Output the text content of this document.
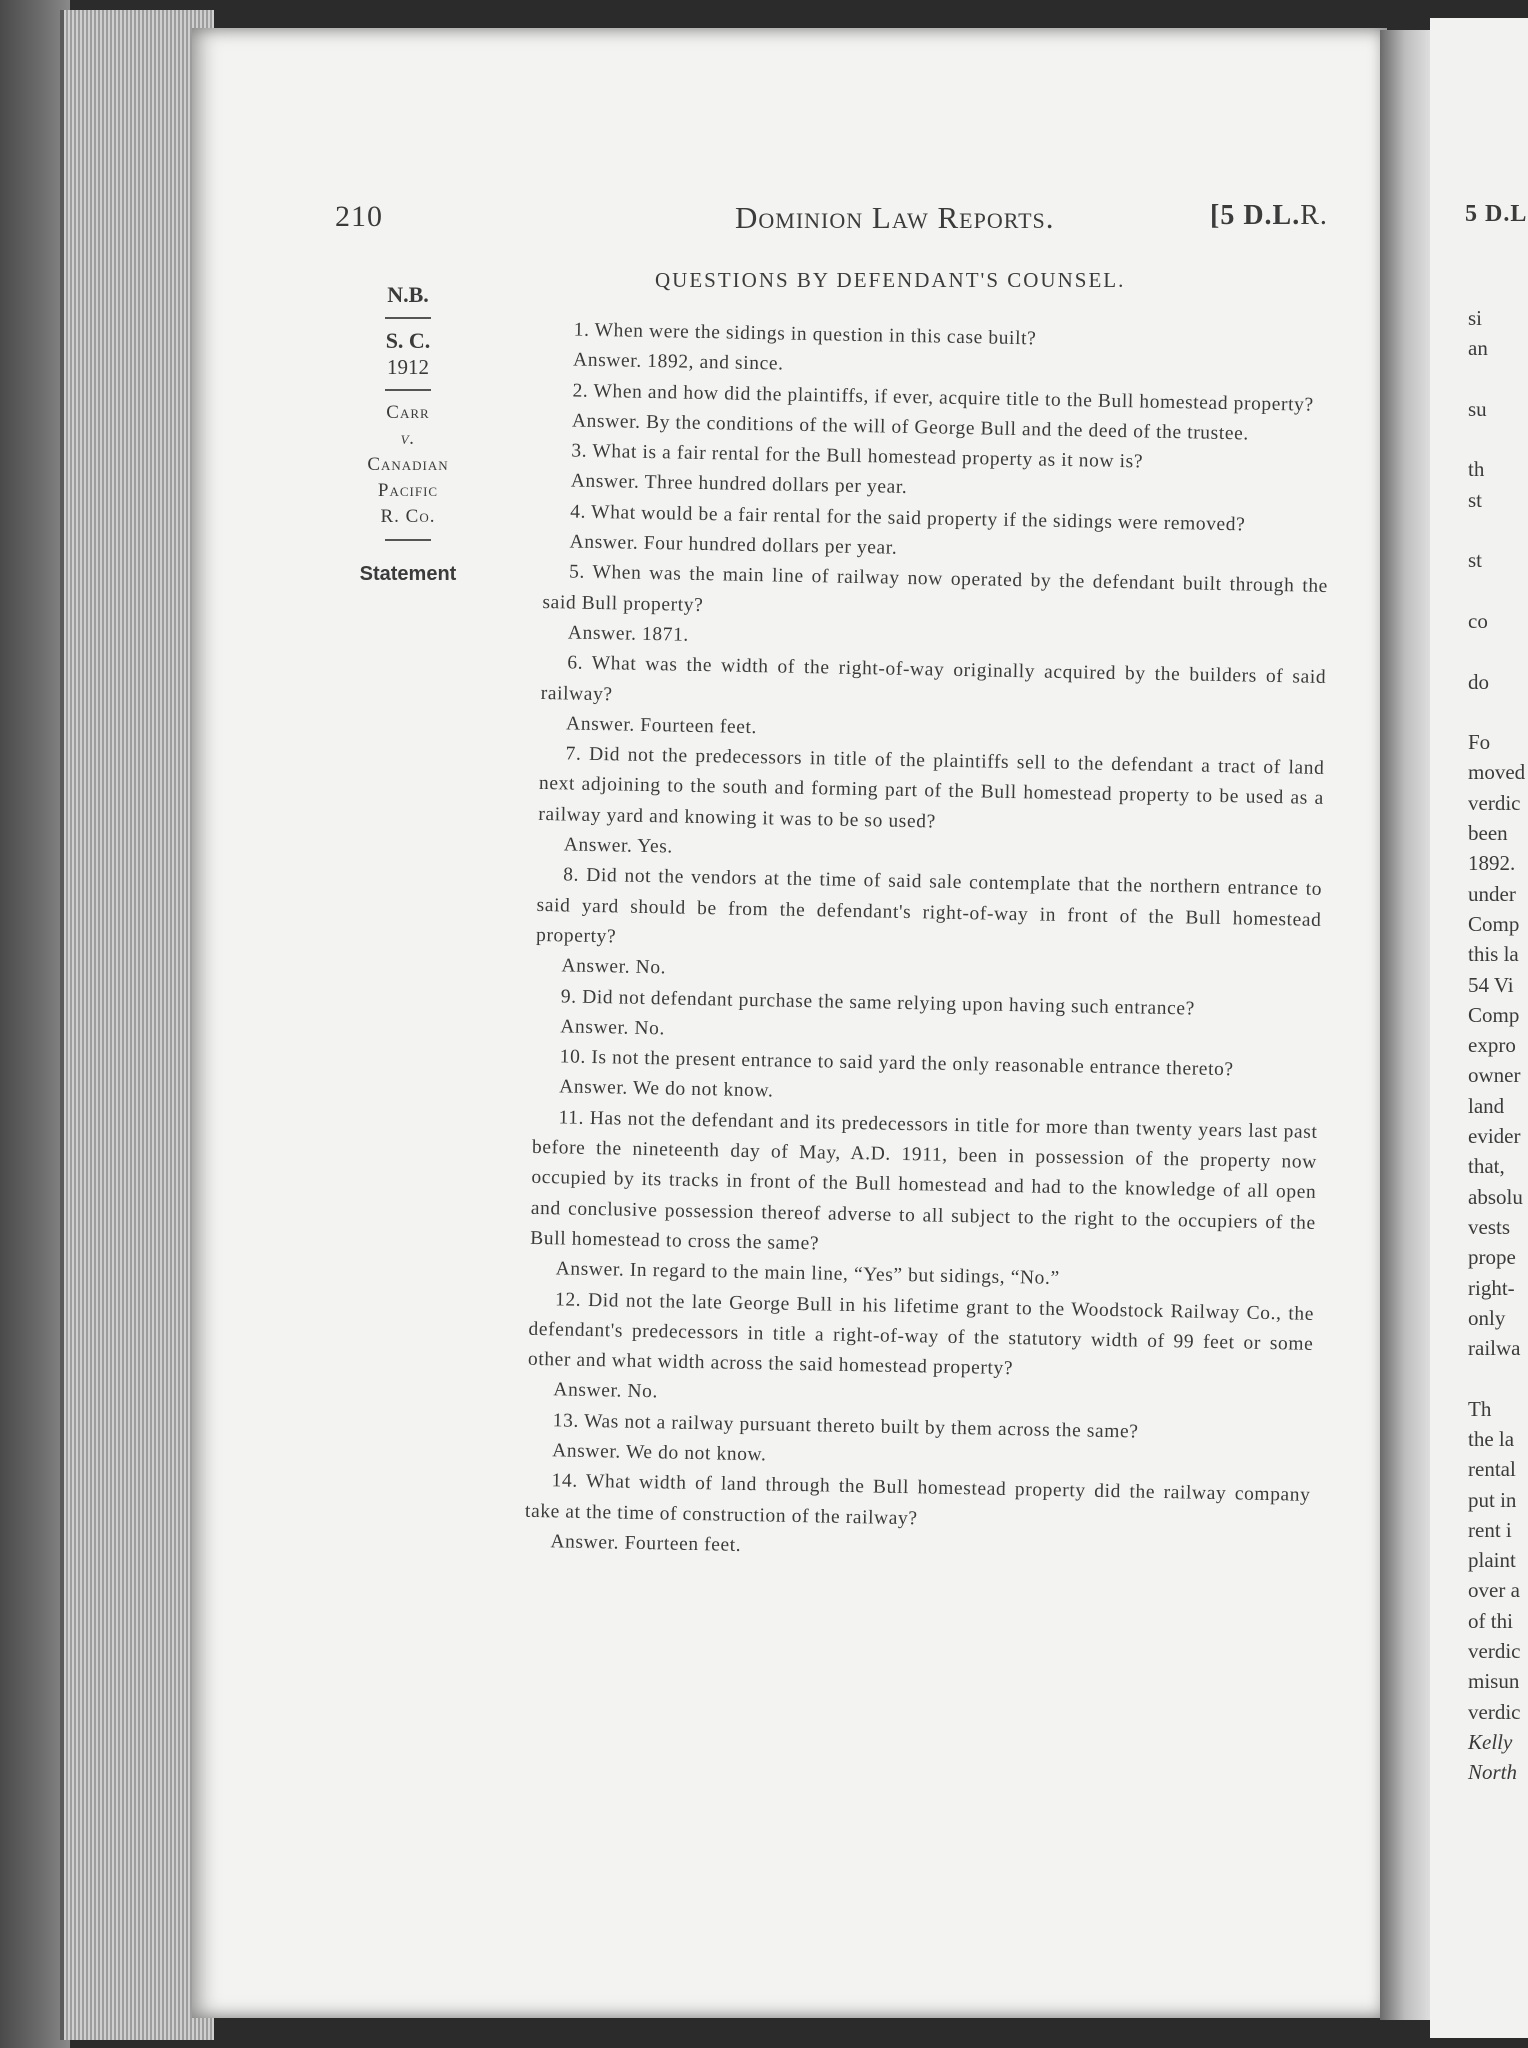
5 D.L
si
an

su

th
st

st

co

do

Fo
moved
verdic
been
1892.
under
Comp
this la
54 Vi
Comp
expro
owner
land
evider
that,
absolu
vests
prope
right-
only
railwa

Th
the la
rental
put in
rent i
plaint
over a
of thi
verdic
misun
verdic
Kelly
North
210	Dominion Law Reports.	[5 D.L.R.
N.B.
S. C.
1912
Carr
v.
Canadian
Pacific
R. Co.
Statement
QUESTIONS BY DEFENDANT'S COUNSEL.

1. When were the sidings in question in this case built?

Answer. 1892, and since.

2. When and how did the plaintiffs, if ever, acquire title to the Bull homestead property?

Answer. By the conditions of the will of George Bull and the deed of the trustee.

3. What is a fair rental for the Bull homestead property as it now is?

Answer. Three hundred dollars per year.

4. What would be a fair rental for the said property if the sidings were removed?

Answer. Four hundred dollars per year.

5. When was the main line of railway now operated by the defendant built through the said Bull property?

Answer. 1871.

6. What was the width of the right-of-way originally acquired by the builders of said railway?

Answer. Fourteen feet.

7. Did not the predecessors in title of the plaintiffs sell to the defendant a tract of land next adjoining to the south and forming part of the Bull homestead property to be used as a railway yard and knowing it was to be so used?

Answer. Yes.

8. Did not the vendors at the time of said sale contemplate that the northern entrance to said yard should be from the defendant's right-of-way in front of the Bull homestead property?

Answer. No.

9. Did not defendant purchase the same relying upon having such entrance?

Answer. No.

10. Is not the present entrance to said yard the only reasonable entrance thereto?

Answer. We do not know.

11. Has not the defendant and its predecessors in title for more than twenty years last past before the nineteenth day of May, A.D. 1911, been in possession of the property now occupied by its tracks in front of the Bull homestead and had to the knowledge of all open and conclusive possession thereof adverse to all subject to the right to the occupiers of the Bull homestead to cross the same?

Answer. In regard to the main line, “Yes” but sidings, “No.”

12. Did not the late George Bull in his lifetime grant to the Woodstock Railway Co., the defendant's predecessors in title a right-of-way of the statutory width of 99 feet or some other and what width across the said homestead property?

Answer. No.

13. Was not a railway pursuant thereto built by them across the same?

Answer. We do not know.

14. What width of land through the Bull homestead property did the railway company take at the time of construction of the railway?

Answer. Fourteen feet.
